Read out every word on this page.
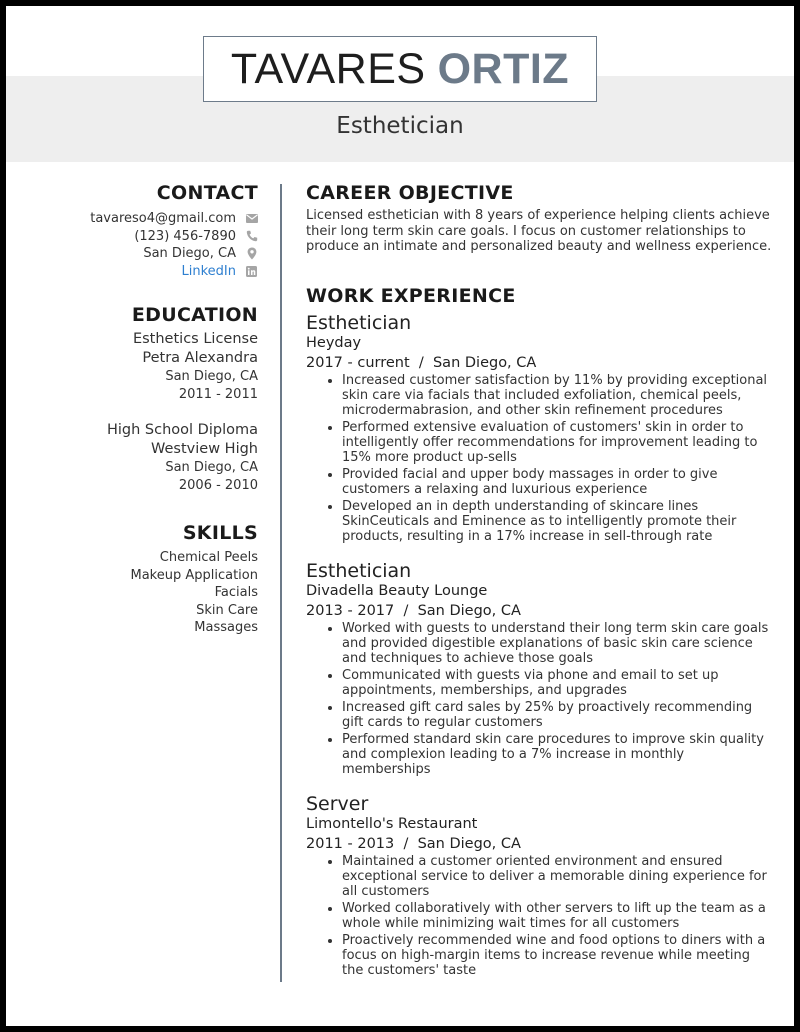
TAVARES ORTIZ
Esthetician
CONTACT
tavareso4@gmail.com
(123) 456-7890
San Diego, CA
LinkedIn
EDUCATION
Esthetics License
Petra Alexandra
San Diego, CA
2011 - 2011
High School Diploma
Westview High
San Diego, CA
2006 - 2010
SKILLS
Chemical Peels
Makeup Application
Facials
Skin Care
Massages
CAREER OBJECTIVE
Licensed esthetician with 8 years of experience helping clients achieve their long term skin care goals. I focus on customer relationships to produce an intimate and personalized beauty and wellness experience.
WORK EXPERIENCE
Esthetician
Heyday
2017 - current  /  San Diego, CA
• Increased customer satisfaction by 11% by providing exceptional skin care via facials that included exfoliation, chemical peels, microdermabrasion, and other skin refinement procedures
• Performed extensive evaluation of customers' skin in order to intelligently offer recommendations for improvement leading to 15% more product up-sells
• Provided facial and upper body massages in order to give customers a relaxing and luxurious experience
• Developed an in depth understanding of skincare lines SkinCeuticals and Eminence as to intelligently promote their products, resulting in a 17% increase in sell-through rate
Esthetician
Divadella Beauty Lounge
2013 - 2017  /  San Diego, CA
• Worked with guests to understand their long term skin care goals and provided digestible explanations of basic skin care science and techniques to achieve those goals
• Communicated with guests via phone and email to set up appointments, memberships, and upgrades
• Increased gift card sales by 25% by proactively recommending gift cards to regular customers
• Performed standard skin care procedures to improve skin quality and complexion leading to a 7% increase in monthly memberships
Server
Limontello's Restaurant
2011 - 2013  /  San Diego, CA
• Maintained a customer oriented environment and ensured exceptional service to deliver a memorable dining experience for all customers
• Worked collaboratively with other servers to lift up the team as a whole while minimizing wait times for all customers
• Proactively recommended wine and food options to diners with a focus on high-margin items to increase revenue while meeting the customers' taste
